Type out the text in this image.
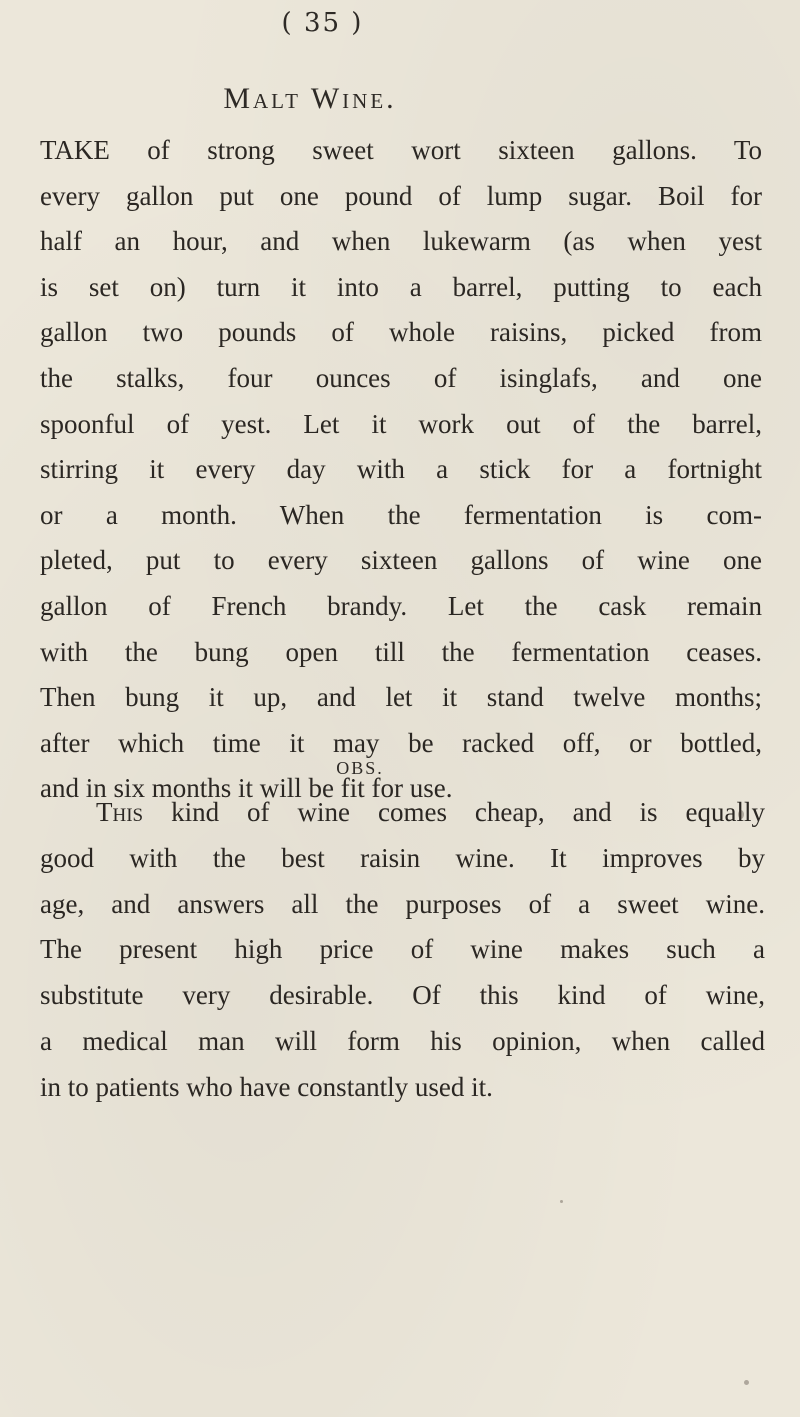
( 35 )
Malt Wine.
TAKE of strong sweet wort sixteen gallons. To
every gallon put one pound of lump sugar. Boil for
half an hour, and when lukewarm (as when yest
is set on) turn it into a barrel, putting to each
gallon two pounds of whole raisins, picked from
the stalks, four ounces of isinglafs, and one
spoonful of yest. Let it work out of the barrel,
stirring it every day with a stick for a fortnight
or a month. When the fermentation is com-
pleted, put to every sixteen gallons of wine one
gallon of French brandy. Let the cask remain
with the bung open till the fermentation ceases.
Then bung it up, and let it stand twelve months;
after which time it may be racked off, or bottled,
and in six months it will be fit for use.
OBS.
This kind of wine comes cheap, and is equally
good with the best raisin wine. It improves by
age, and answers all the purposes of a sweet wine.
The present high price of wine makes such a
substitute very desirable. Of this kind of wine,
a medical man will form his opinion, when called
in to patients who have constantly used it.
